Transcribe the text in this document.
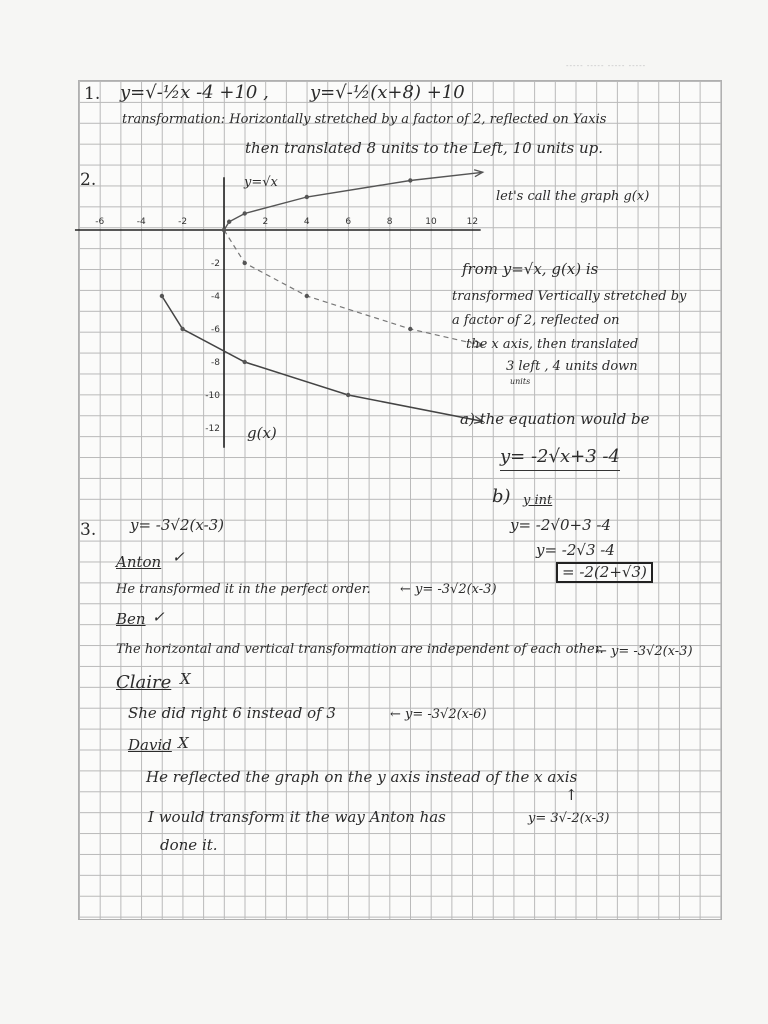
----- ----- ----- -----
1. y=√-½x -4 +10 , y=√-½(x+8) +10
transformation: Horizontally stretched by a factor of 2, reflected on Yaxis
then translated 8 units to the Left, 10 units up.
2.	y=√x
let's call the graph g(x)
-6	-4	-2	2	4	6	8	10	12
-2
-4
-6
-8
-10
-12 g(x)
from y=√x, g(x) is
transformed Vertically stretched by
a factor of 2, reflected on
the x axis, then translated
3 left , 4 units down
units
a) the equation would be
y= -2√x+3 -4
b) y int
y= -2√0+3 -4
y= -2√3 -4
= -2(2+√3)
3. y= -3√2(x-3)
Anton ✓
He transformed it in the perfect order. ← y= -3√2(x-3)
Ben ✓
The horizontal and vertical transformation are independent of each other.
← y= -3√2(x-3)
Claire X
She did right 6 instead of 3	← y= -3√2(x-6)
David X
He reflected the graph on the y axis instead of the x axis
↑
y= 3√-2(x-3)
I would transform it the way Anton has
done it.
